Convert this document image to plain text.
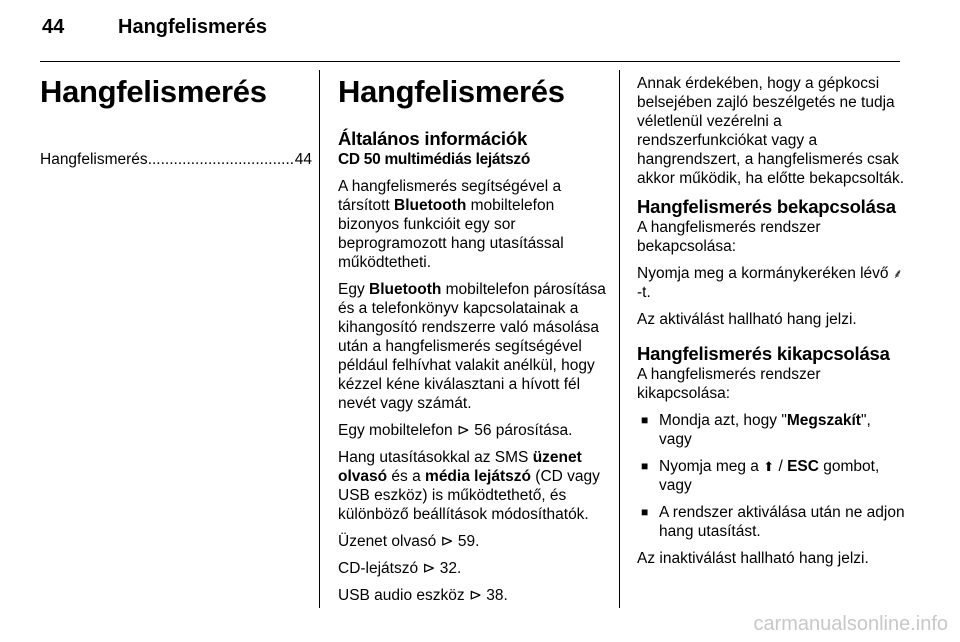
44	Hangfelismerés
Hangfelismerés
Hangfelismerés
.....	44
Hangfelismerés
Általános információk
CD 50 multimédiás lejátszó

A hangfelismerés segítségével a társított Bluetooth mobiltelefon bizonyos funkcióit egy sor beprogramozott hang utasítással működtetheti.

Egy Bluetooth mobiltelefon párosítása és a telefonkönyv kapcsolatainak a kihangosító rendszerre való másolása után a hangfelismerés segítségével például felhívhat valakit anélkül, hogy kézzel kéne kiválasztani a hívott fél nevét vagy számát.

Egy mobiltelefon ⊳ 56 párosítása.

Hang utasításokkal az SMS üzenet olvasó és a média lejátszó (CD vagy USB eszköz) is működtethető, és különböző beállítások módosíthatók.

Üzenet olvasó ⊳ 59.

CD-lejátszó ⊳ 32.

USB audio eszköz ⊳ 38.

Annak érdekében, hogy a gépkocsi belsejében zajló beszélgetés ne tudja véletlenül vezérelni a rendszerfunkciókat vagy a hangrendszert, a hangfelismerés csak akkor működik, ha előtte bekapcsolták.

Hangfelismerés bekapcsolása

A hangfelismerés rendszer bekapcsolása:

Nyomja meg a kormánykeréken lévő ⸙-t.

Az aktiválást hallható hang jelzi.

Hangfelismerés kikapcsolása

A hangfelismerés rendszer kikapcsolása:

■ Mondja azt, hogy "Megszakít", vagy
■ Nyomja meg a ⬆ / ESC gombot, vagy
■ A rendszer aktiválása után ne adjon hang utasítást.

Az inaktiválást hallható hang jelzi.

carmanualsonline.info
